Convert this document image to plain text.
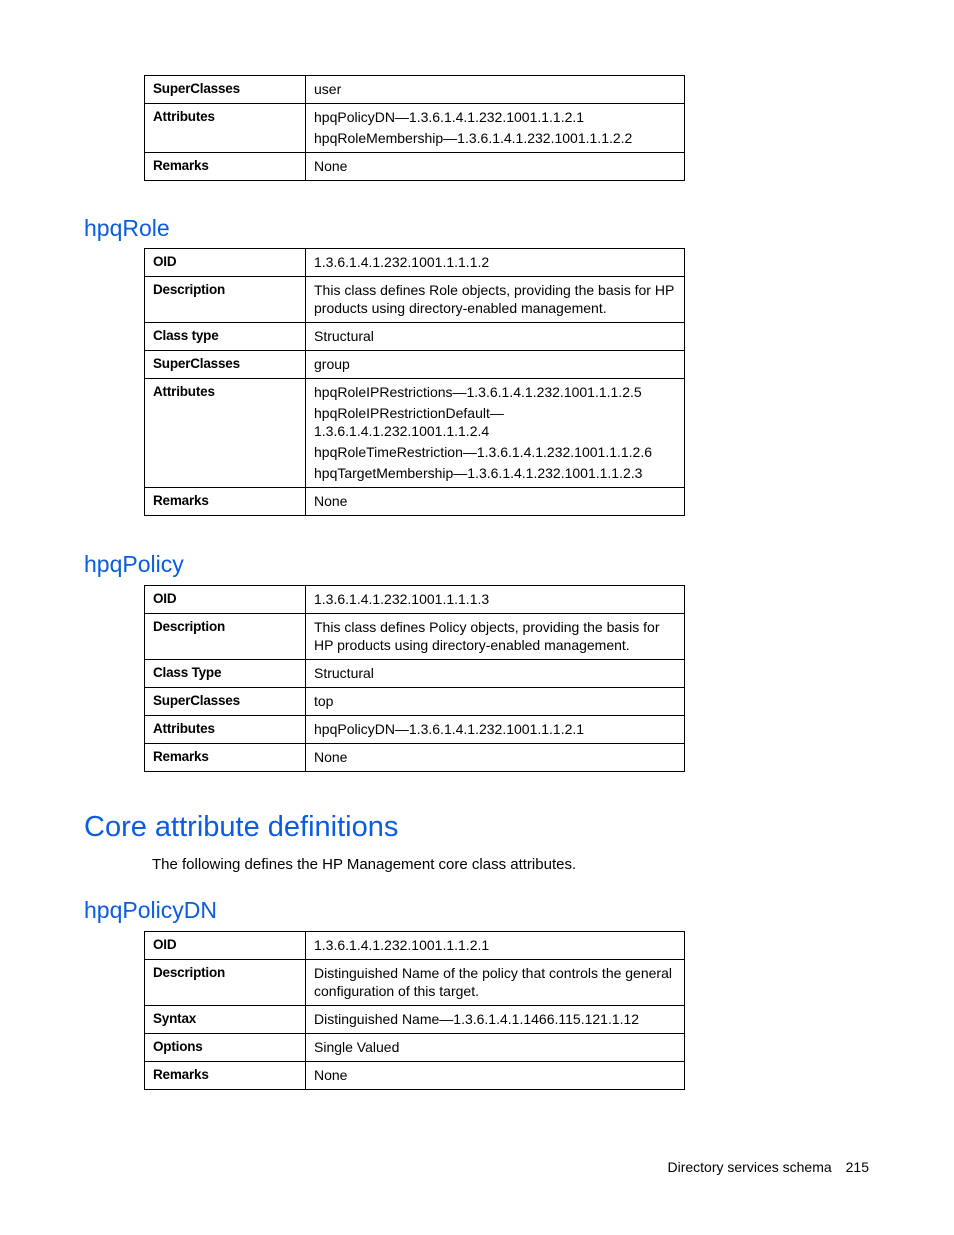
SuperClasses	user

Attributes	hpqPolicyDN—1.3.6.1.4.1.232.1001.1.1.2.1
hpqRoleMembership—1.3.6.1.4.1.232.1001.1.1.2.2

Remarks	None
hpqRole
OID	1.3.6.1.4.1.232.1001.1.1.1.2

Description	This class defines Role objects, providing the basis for HP products using directory-enabled management.

Class type	Structural

SuperClasses	group

Attributes	hpqRoleIPRestrictions—1.3.6.1.4.1.232.1001.1.1.2.5
hpqRoleIPRestrictionDefault—1.3.6.1.4.1.232.1001.1.1.2.4
hpqRoleTimeRestriction—1.3.6.1.4.1.232.1001.1.1.2.6
hpqTargetMembership—1.3.6.1.4.1.232.1001.1.1.2.3

Remarks	None
hpqPolicy
OID	1.3.6.1.4.1.232.1001.1.1.1.3

Description	This class defines Policy objects, providing the basis for HP products using directory-enabled management.

Class Type	Structural

SuperClasses	top

Attributes	hpqPolicyDN—1.3.6.1.4.1.232.1001.1.1.2.1

Remarks	None
Core attribute definitions

The following defines the HP Management core class attributes.

hpqPolicyDN
OID	1.3.6.1.4.1.232.1001.1.1.2.1

Description	Distinguished Name of the policy that controls the general configuration of this target.

Syntax	Distinguished Name—1.3.6.1.4.1.1466.115.121.1.12

Options	Single Valued

Remarks	None
Directory services schema 215
